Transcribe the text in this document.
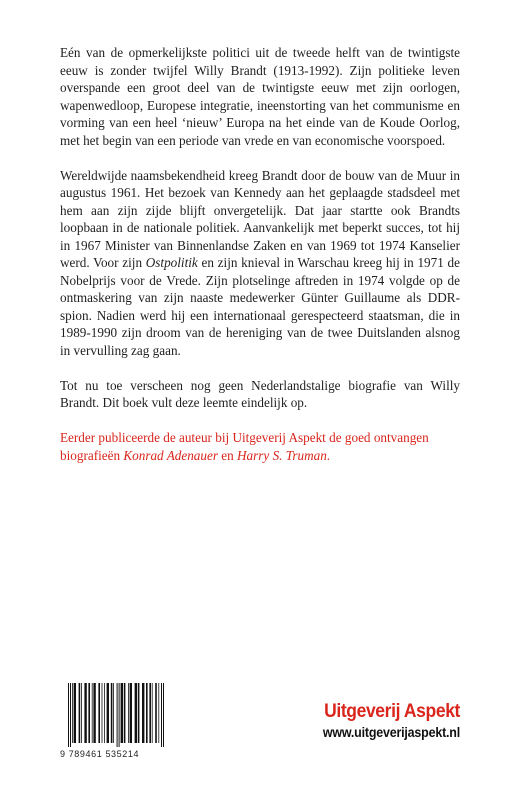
Eén van de opmerkelijkste politici uit de tweede helft van de twintigste eeuw is zonder twijfel Willy Brandt (1913-1992). Zijn politieke leven overspande een groot deel van de twintigste eeuw met zijn oorlogen, wapenwedloop, Europese integratie, ineenstorting van het communisme en vorming van een heel ‘nieuw’ Europa na het einde van de Koude Oorlog, met het begin van een periode van vrede en van economische voorspoed.

Wereldwijde naamsbekendheid kreeg Brandt door de bouw van de Muur in augustus 1961. Het bezoek van Kennedy aan het geplaagde stadsdeel met hem aan zijn zijde blijft onvergetelijk. Dat jaar startte ook Brandts loopbaan in de nationale politiek. Aanvankelijk met beperkt succes, tot hij in 1967 Minister van Binnenlandse Zaken en van 1969 tot 1974 Kanselier werd. Voor zijn Ostpolitik en zijn knieval in Warschau kreeg hij in 1971 de Nobelprijs voor de Vrede. Zijn plotselinge aftreden in 1974 volgde op de ontmaskering van zijn naaste medewerker Günter Guillaume als DDR-spion. Nadien werd hij een internationaal gerespecteerd staatsman, die in 1989-1990 zijn droom van de hereniging van de twee Duitslanden alsnog in vervulling zag gaan.

Tot nu toe verscheen nog geen Nederlandstalige biografie van Willy Brandt. Dit boek vult deze leemte eindelijk op.

Eerder publiceerde de auteur bij Uitgeverij Aspekt de goed ontvangen biografieën Konrad Adenauer en Harry S. Truman.

9 789461 535214
Uitgeverij Aspekt
www.uitgeverijaspekt.nl
